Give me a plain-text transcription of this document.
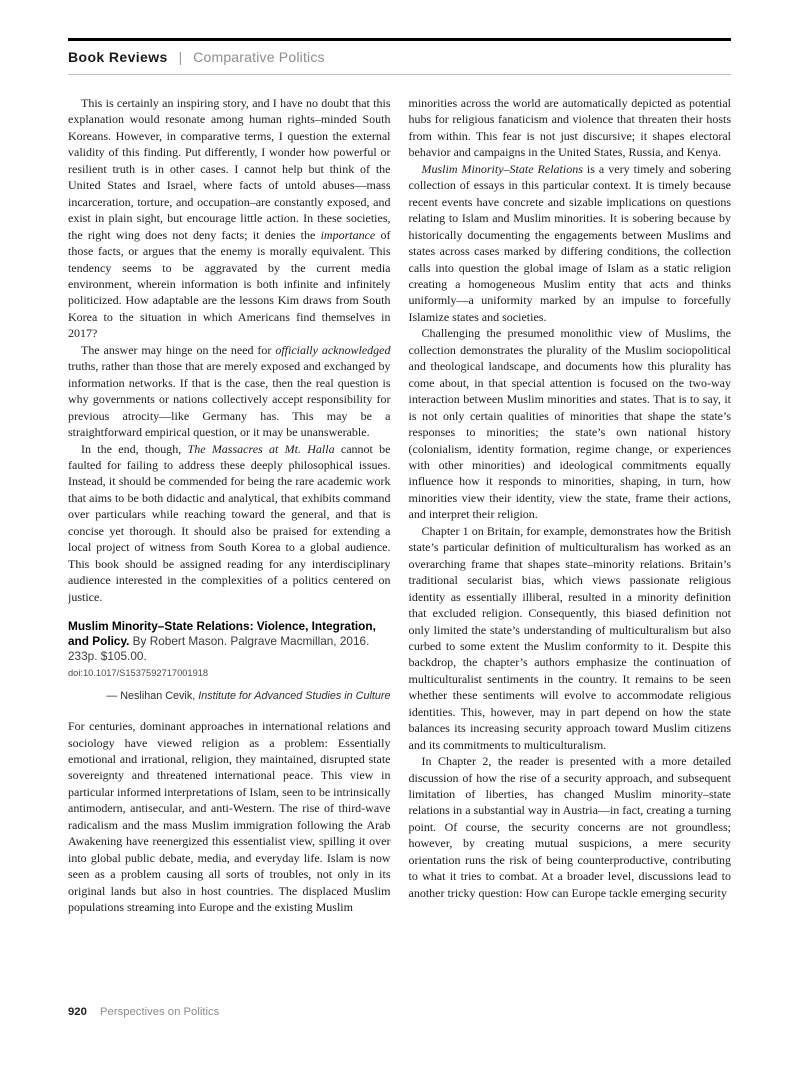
Book Reviews | Comparative Politics

This is certainly an inspiring story, and I have no doubt that this explanation would resonate among human rights–minded South Koreans. However, in comparative terms, I question the external validity of this finding. Put differently, I wonder how powerful or resilient truth is in other cases. I cannot help but think of the United States and Israel, where facts of untold abuses—mass incarceration, torture, and occupation–are constantly exposed, and exist in plain sight, but encourage little action. In these societies, the right wing does not deny facts; it denies the importance of those facts, or argues that the enemy is morally equivalent. This tendency seems to be aggravated by the current media environment, wherein information is both infinite and infinitely politicized. How adaptable are the lessons Kim draws from South Korea to the situation in which Americans find themselves in 2017?

The answer may hinge on the need for officially acknowledged truths, rather than those that are merely exposed and exchanged by information networks. If that is the case, then the real question is why governments or nations collectively accept responsibility for previous atrocity—like Germany has. This may be a straightforward empirical question, or it may be unanswerable.

In the end, though, The Massacres at Mt. Halla cannot be faulted for failing to address these deeply philosophical issues. Instead, it should be commended for being the rare academic work that aims to be both didactic and analytical, that exhibits command over particulars while reaching toward the general, and that is concise yet thorough. It should also be praised for extending a local project of witness from South Korea to a global audience. This book should be assigned reading for any interdisciplinary audience interested in the complexities of a politics centered on justice.

Muslim Minority–State Relations: Violence, Integration, and Policy. By Robert Mason. Palgrave Macmillan, 2016. 233p. $105.00.

doi:10.1017/S1537592717001918

— Neslihan Cevik, Institute for Advanced Studies in Culture

For centuries, dominant approaches in international relations and sociology have viewed religion as a problem: Essentially emotional and irrational, religion, they maintained, disrupted state sovereignty and threatened international peace. This view in particular informed interpretations of Islam, seen to be intrinsically antimodern, antisecular, and anti-Western. The rise of third-wave radicalism and the mass Muslim immigration following the Arab Awakening have reenergized this essentialist view, spilling it over into global public debate, media, and everyday life. Islam is now seen as a problem causing all sorts of troubles, not only in its original lands but also in host countries. The displaced Muslim populations streaming into Europe and the existing Muslim

minorities across the world are automatically depicted as potential hubs for religious fanaticism and violence that threaten their hosts from within. This fear is not just discursive; it shapes electoral behavior and campaigns in the United States, Russia, and Kenya.

Muslim Minority–State Relations is a very timely and sobering collection of essays in this particular context. It is timely because recent events have concrete and sizable implications on questions relating to Islam and Muslim minorities. It is sobering because by historically documenting the engagements between Muslims and states across cases marked by differing conditions, the collection calls into question the global image of Islam as a static religion creating a homogeneous Muslim entity that acts and thinks uniformly—a uniformity marked by an impulse to forcefully Islamize states and societies.

Challenging the presumed monolithic view of Muslims, the collection demonstrates the plurality of the Muslim sociopolitical and theological landscape, and documents how this plurality has come about, in that special attention is focused on the two-way interaction between Muslim minorities and states. That is to say, it is not only certain qualities of minorities that shape the state’s responses to minorities; the state’s own national history (colonialism, identity formation, regime change, or experiences with other minorities) and ideological commitments equally influence how it responds to minorities, shaping, in turn, how minorities view their identity, view the state, frame their actions, and interpret their religion.

Chapter 1 on Britain, for example, demonstrates how the British state’s particular definition of multiculturalism has worked as an overarching frame that shapes state–minority relations. Britain’s traditional secularist bias, which views passionate religious identity as essentially illiberal, resulted in a minority definition that excluded religion. Consequently, this biased definition not only limited the state’s understanding of multiculturalism but also curbed to some extent the Muslim conformity to it. Despite this backdrop, the chapter’s authors emphasize the continuation of multiculturalist sentiments in the country. It remains to be seen whether these sentiments will evolve to accommodate religious identities. This, however, may in part depend on how the state balances its increasing security approach toward Muslim citizens and its commitments to multiculturalism.

In Chapter 2, the reader is presented with a more detailed discussion of how the rise of a security approach, and subsequent limitation of liberties, has changed Muslim minority–state relations in a substantial way in Austria—in fact, creating a turning point. Of course, the security concerns are not groundless; however, by creating mutual suspicions, a mere security orientation runs the risk of being counterproductive, contributing to what it tries to combat. At a broader level, discussions lead to another tricky question: How can Europe tackle emerging security

920 Perspectives on Politics
